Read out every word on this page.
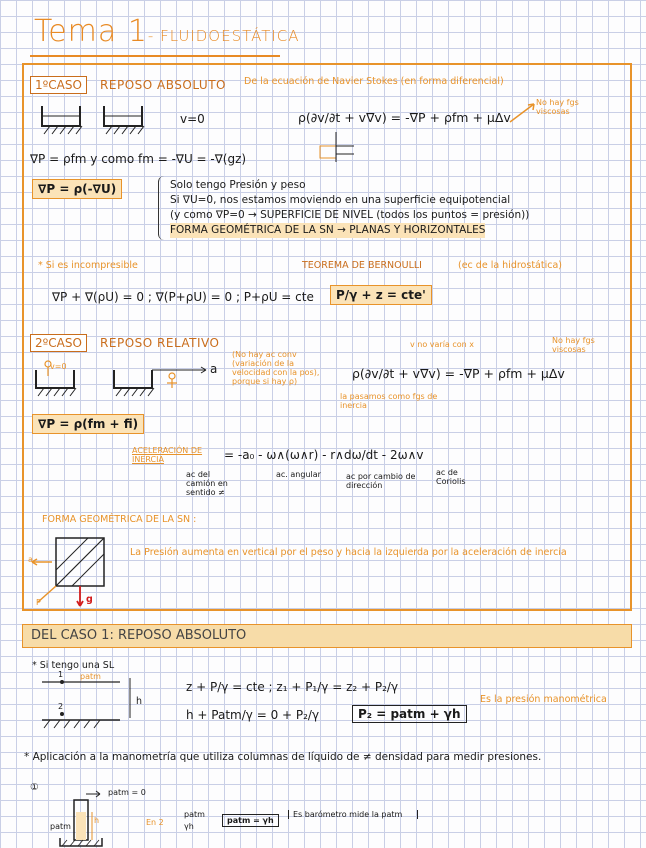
Tema 1- FLUIDOESTÁTICA
1ºCASO REPOSO ABSOLUTO De la ecuación de Navier Stokes (en forma diferencial)
v=0	ρ(∂v/∂t + v∇v) = -∇P + ρfm + μΔv
No hay fgs viscosas
∇P = ρfm y como fm = -∇U = -∇(gz)
∇P = ρ(-∇U)	Solo tengo Presión y peso
Si ∇U=0, nos estamos moviendo en una superficie equipotencial
(y como ∇P=0 → SUPERFICIE DE NIVEL (todos los puntos = presión))
FORMA GEOMÉTRICA DE LA SN → PLANAS Y HORIZONTALES
* Si es incompresible	TEOREMA DE BERNOULLI	(ec de la hidrostática)
∇P + ∇(ρU) = 0 ; ∇(P+ρU) = 0 ; P+ρU = cte	P/γ + z = cte'
2ºCASO REPOSO RELATIVO
v=0	a
(No hay ac conv (variación de la velocidad con la pos), porque si hay ρ)
v no varía con x	No hay fgs viscosas
ρ(∂v/∂t + v∇v) = -∇P + ρfm + μΔv
la pasamos como fgs de inercia
∇P = ρ(fm + fi)
ACELERACIÓN DE INERCIA	= -a₀ - ω∧(ω∧r) - r∧dω/dt - 2ω∧v
ac del camión en sentido ≠
ac. angular	ac por cambio de dirección
ac de Coriolis
FORMA GEOMÉTRICA DE LA SN :
a
P	g
La Presión aumenta en vertical por el peso y hacia la izquierda por la aceleración de inercia
DEL CASO 1: REPOSO ABSOLUTO
* Si tengo una SL
patm
1
2	h
z + P/γ = cte ; z₁ + P₁/γ = z₂ + P₂/γ
h + Patm/γ = 0 + P₂/γ	P₂ = patm + γh
Es la presión manométrica
* Aplicación a la manometría que utiliza columnas de líquido de ≠ densidad para medir presiones.
①	patm = 0
patm
h	En 2
patm
γh
patm = γh
Es barómetro mide la patm
